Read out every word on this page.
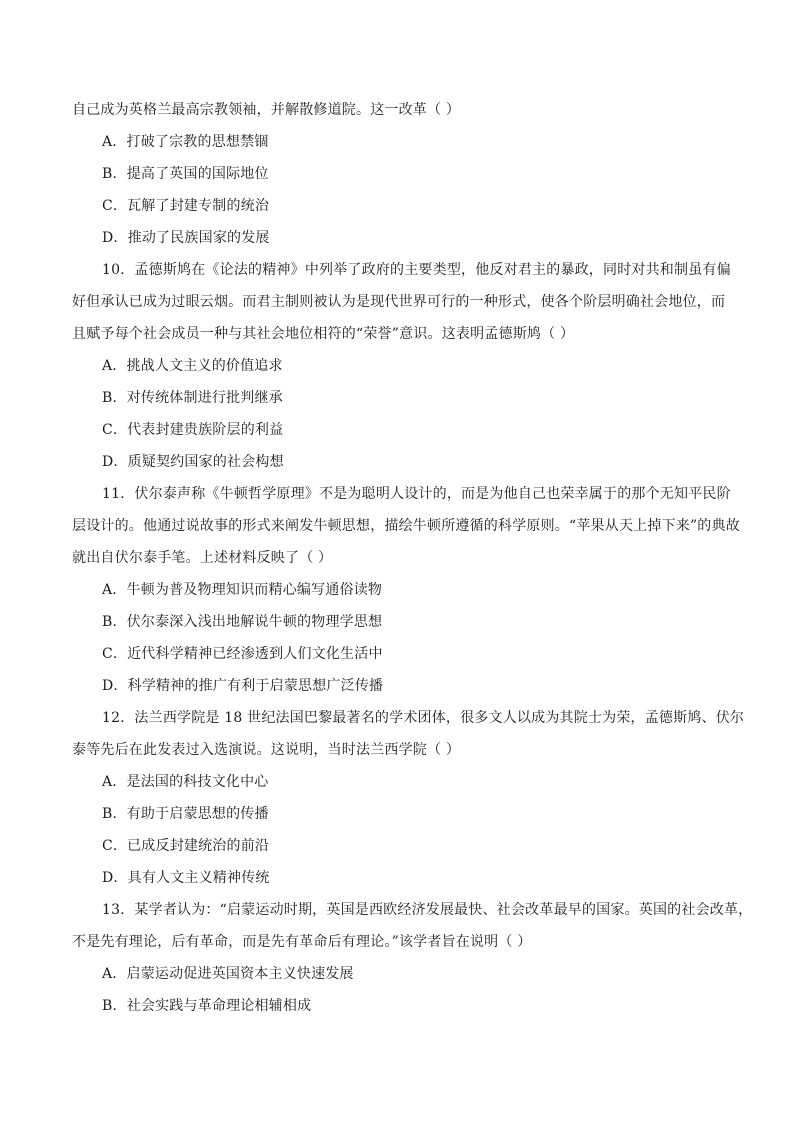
自己成为英格兰最高宗教领袖，并解散修道院。这一改革（ ）
A．打破了宗教的思想禁锢
B．提高了英国的国际地位
C．瓦解了封建专制的统治
D．推动了民族国家的发展
10．孟德斯鸠在《论法的精神》中列举了政府的主要类型，他反对君主的暴政，同时对共和制虽有偏
好但承认已成为过眼云烟。而君主制则被认为是现代世界可行的一种形式，使各个阶层明确社会地位，而
且赋予每个社会成员一种与其社会地位相符的“荣誉”意识。这表明孟德斯鸠（ ）
A．挑战人文主义的价值追求
B．对传统体制进行批判继承
C．代表封建贵族阶层的利益
D．质疑契约国家的社会构想
11．伏尔泰声称《牛顿哲学原理》不是为聪明人设计的，而是为他自己也荣幸属于的那个无知平民阶
层设计的。他通过说故事的形式来阐发牛顿思想，描绘牛顿所遵循的科学原则。“苹果从天上掉下来”的典故
就出自伏尔泰手笔。上述材料反映了（ ）
A．牛顿为普及物理知识而精心编写通俗读物
B．伏尔泰深入浅出地解说牛顿的物理学思想
C．近代科学精神已经渗透到人们文化生活中
D．科学精神的推广有利于启蒙思想广泛传播
12．法兰西学院是 18 世纪法国巴黎最著名的学术团体，很多文人以成为其院士为荣，孟德斯鸠、伏尔
泰等先后在此发表过入选演说。这说明，当时法兰西学院（ ）
A．是法国的科技文化中心
B．有助于启蒙思想的传播
C．已成反封建统治的前沿
D．具有人文主义精神传统
13．某学者认为：“启蒙运动时期，英国是西欧经济发展最快、社会改革最早的国家。英国的社会改革，
不是先有理论，后有革命，而是先有革命后有理论。”该学者旨在说明（ ）
A．启蒙运动促进英国资本主义快速发展
B．社会实践与革命理论相辅相成
